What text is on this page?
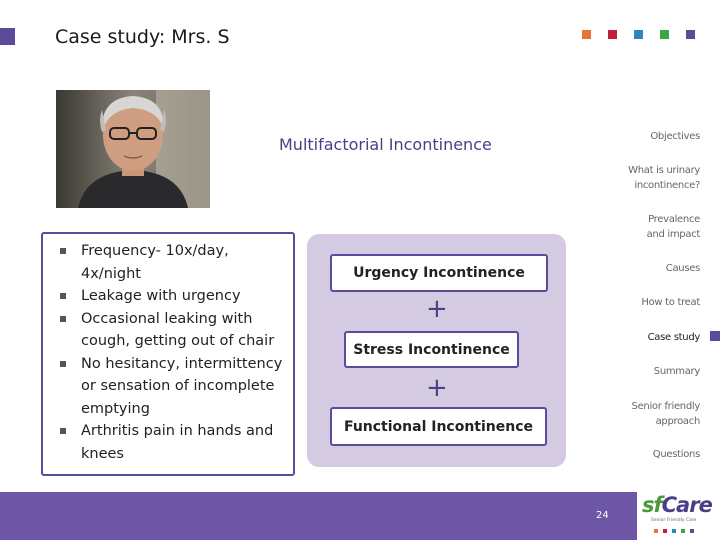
Case study: Mrs. S
Multifactorial Incontinence
Frequency- 10x/day, 4x/night
Leakage with urgency
Occasional leaking with cough, getting out of chair
No hesitancy, intermittency or sensation of incomplete emptying
Arthritis pain in hands and knees
Urgency Incontinence
+
Stress Incontinence
+
Functional Incontinence
Objectives
What is urinary incontinence?
Prevalence and impact
Causes
How to treat
Case study
Summary
Senior friendly approach
Questions
24 sfCare
Senior Friendly Care
